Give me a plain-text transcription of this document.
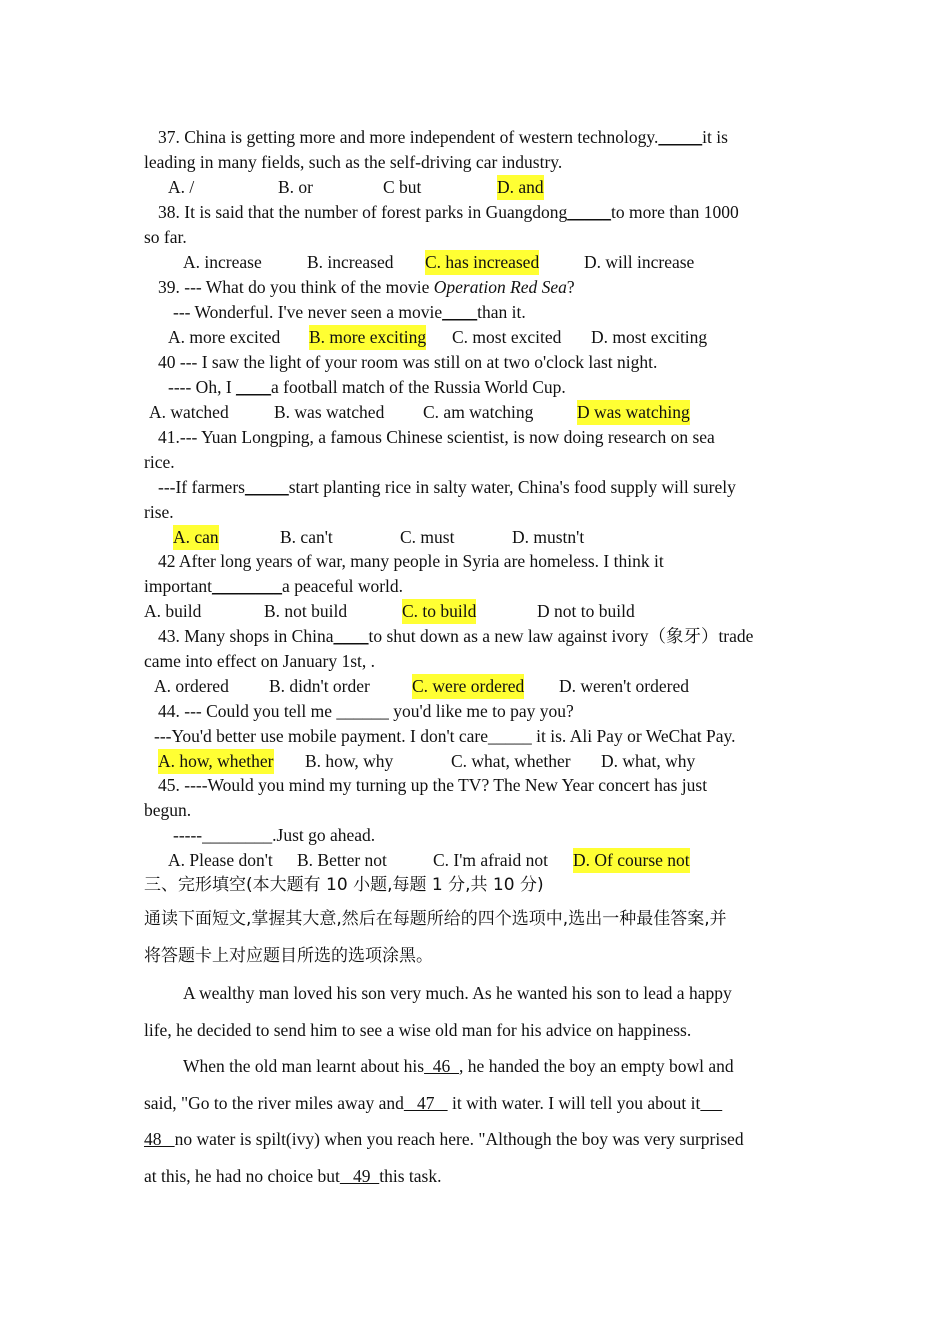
37. China is getting more and more independent of western technology._____it is
leading in many fields, such as the self-driving car industry.
A. /	B. or	C but	D. and
38. It is said that the number of forest parks in Guangdong_____to more than 1000
so far.
A. increase	B. increased C. has increased	D. will increase
39. --- What do you think of the movie Operation Red Sea?
--- Wonderful. I've never seen a movie____than it.
A. more excited B. more exciting C. most excited D. most exciting
40 --- I saw the light of your room was still on at two o'clock last night.
---- Oh, I ____a football match of the Russia World Cup.
A. watched	B. was watched C. am watching D was watching
41.--- Yuan Longping, a famous Chinese scientist, is now doing research on sea
rice.
---If farmers_____start planting rice in salty water, China's food supply will surely
rise.
A. can	B. can't	C. must	D. mustn't
42 After long years of war, many people in Syria are homeless. I think it
important________a peaceful world.
A. build	B. not build	C. to build	D not to build
43. Many shops in China____to shut down as a new law against ivory（象牙）trade
came into effect on January 1st, .
A. ordered B. didn't order C. were ordered D. weren't ordered
44. --- Could you tell me ______ you'd like me to pay you?
---You'd better use mobile payment. I don't care_____ it is. Ali Pay or WeChat Pay.
A. how, whether B. how, why	C. what, whether D. what, why
45. ----Would you mind my turning up the TV? The New Year concert has just
begun.
-----________.Just go ahead.
A. Please don't B. Better not	C. I'm afraid not D. Of course not
三、完形填空(本大题有 10 小题,每题 1 分,共 10 分)
通读下面短文,掌握其大意,然后在每题所给的四个选项中,选出一种最佳答案,并
将答题卡上对应题目所选的选项涂黑。
A wealthy man loved his son very much. As he wanted his son to lead a happy
life, he decided to send him to see a wise old man for his advice on happiness.
When the old man learnt about his  46  , he handed the boy an empty bowl and
said, "Go to the river miles away and   47    it with water. I will tell you about it
48   no water is spilt(ivy) when you reach here. "Although the boy was very surprised
at this, he had no choice but   49  this task.
